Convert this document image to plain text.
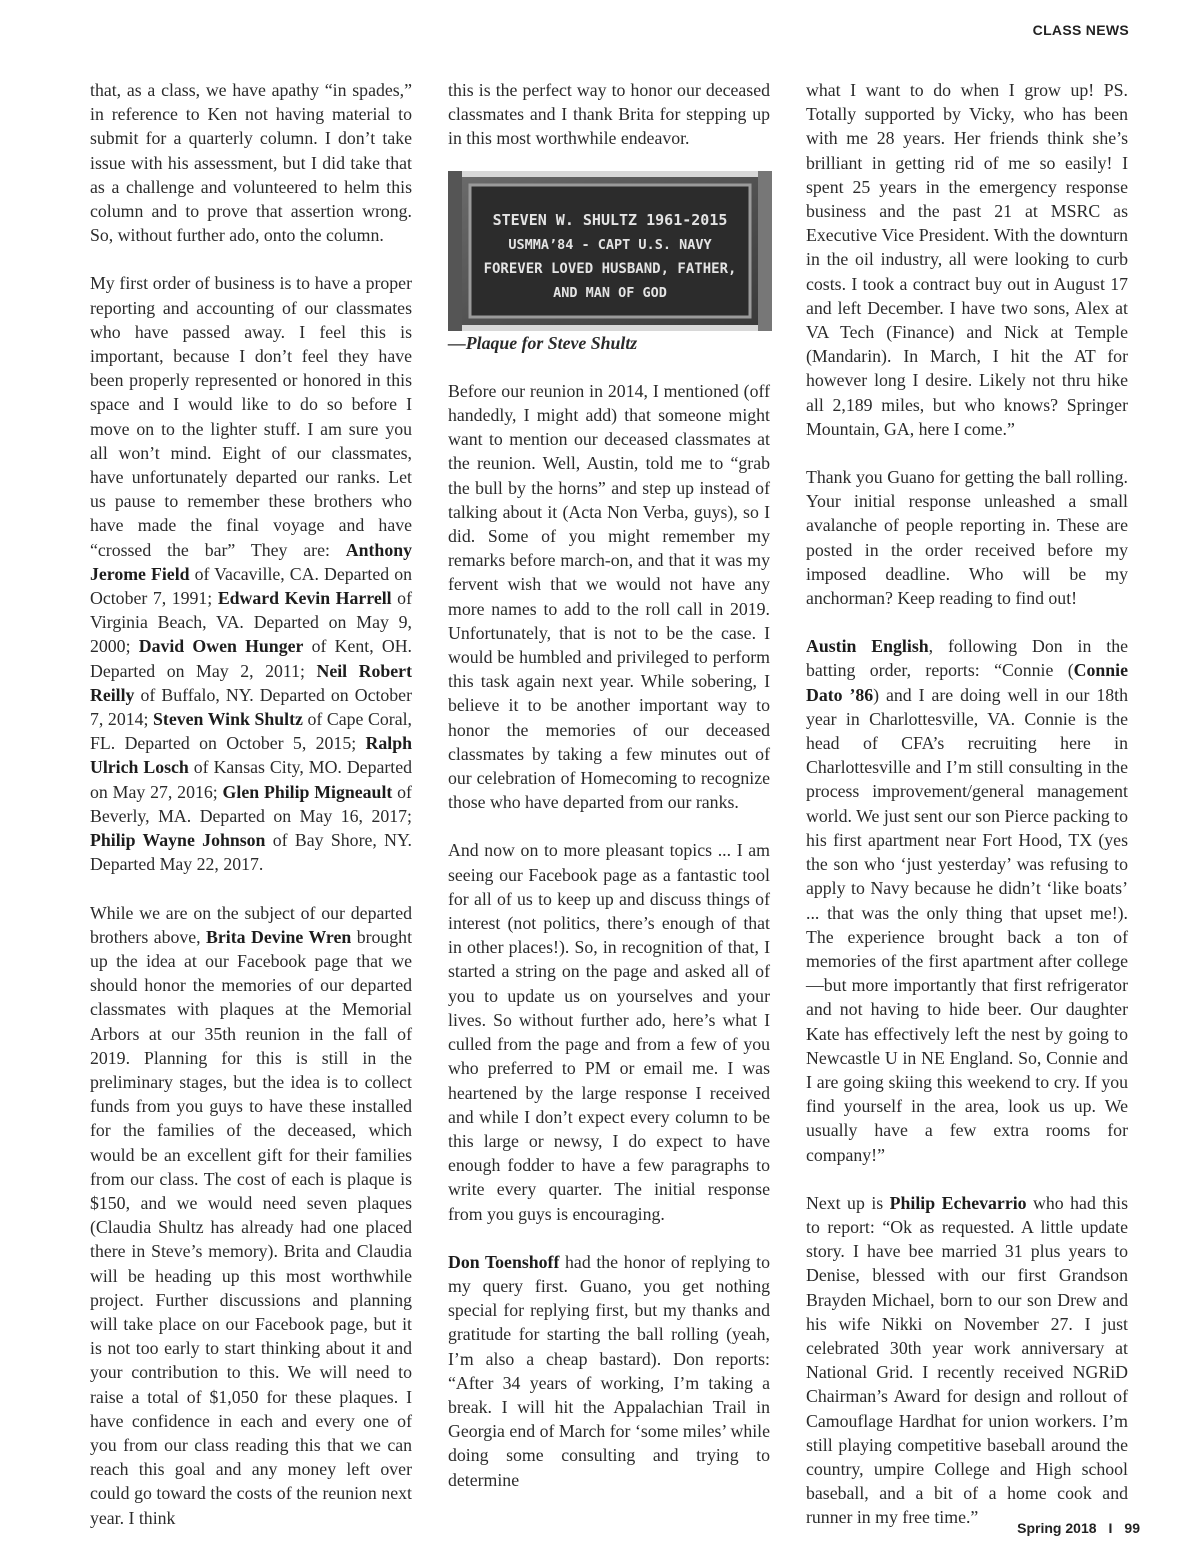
CLASS NEWS

that, as a class, we have apathy “in spades,” in reference to Ken not having material to submit for a quarterly column. I don’t take issue with his assessment, but I did take that as a challenge and volunteered to helm this column and to prove that assertion wrong. So, without further ado, onto the column.

My first order of business is to have a proper reporting and accounting of our classmates who have passed away. I feel this is important, because I don’t feel they have been properly represented or honored in this space and I would like to do so before I move on to the lighter stuff. I am sure you all won’t mind. Eight of our classmates, have unfortunately departed our ranks. Let us pause to remember these brothers who have made the final voyage and have “crossed the bar” They are: Anthony Jerome Field of Vacaville, CA. Departed on October 7, 1991; Edward Kevin Harrell of Virginia Beach, VA. Departed on May 9, 2000; David Owen Hunger of Kent, OH. Departed on May 2, 2011; Neil Robert Reilly of Buffalo, NY. Departed on October 7, 2014; Steven Wink Shultz of Cape Coral, FL. Departed on October 5, 2015; Ralph Ulrich Losch of Kansas City, MO. Departed on May 27, 2016; Glen Philip Migneault of Beverly, MA. Departed on May 16, 2017; Philip Wayne Johnson of Bay Shore, NY. Departed May 22, 2017.

While we are on the subject of our departed brothers above, Brita Devine Wren brought up the idea at our Facebook page that we should honor the memories of our departed classmates with plaques at the Memorial Arbors at our 35th reunion in the fall of 2019. Planning for this is still in the preliminary stages, but the idea is to collect funds from you guys to have these installed for the families of the deceased, which would be an excellent gift for their families from our class. The cost of each is plaque is $150, and we would need seven plaques (Claudia Shultz has already had one placed there in Steve’s memory). Brita and Claudia will be heading up this most worthwhile project. Further discussions and planning will take place on our Facebook page, but it is not too early to start thinking about it and your contribution to this. We will need to raise a total of $1,050 for these plaques. I have confidence in each and every one of you from our class reading this that we can reach this goal and any money left over could go toward the costs of the reunion next year. I think

this is the perfect way to honor our deceased classmates and I thank Brita for stepping up in this most worthwhile endeavor.

STEVEN W. SHULTZ 1961-2015
USMMA’84 - CAPT U.S. NAVY
FOREVER LOVED HUSBAND, FATHER,
AND MAN OF GOD

—Plaque for Steve Shultz

Before our reunion in 2014, I mentioned (off handedly, I might add) that someone might want to mention our deceased classmates at the reunion. Well, Austin, told me to “grab the bull by the horns” and step up instead of talking about it (Acta Non Verba, guys), so I did. Some of you might remember my remarks before march-on, and that it was my fervent wish that we would not have any more names to add to the roll call in 2019. Unfortunately, that is not to be the case. I would be humbled and privileged to perform this task again next year. While sobering, I believe it to be another important way to honor the memories of our deceased classmates by taking a few minutes out of our celebration of Homecoming to recognize those who have departed from our ranks.

And now on to more pleasant topics ... I am seeing our Facebook page as a fantastic tool for all of us to keep up and discuss things of interest (not politics, there’s enough of that in other places!). So, in recognition of that, I started a string on the page and asked all of you to update us on yourselves and your lives. So without further ado, here’s what I culled from the page and from a few of you who preferred to PM or email me. I was heartened by the large response I received and while I don’t expect every column to be this large or newsy, I do expect to have enough fodder to have a few paragraphs to write every quarter. The initial response from you guys is encouraging.

Don Toenshoff had the honor of replying to my query first. Guano, you get nothing special for replying first, but my thanks and gratitude for starting the ball rolling (yeah, I’m also a cheap bastard). Don reports: “After 34 years of working, I’m taking a break. I will hit the Appalachian Trail in Georgia end of March for ‘some miles’ while doing some consulting and trying to determine

what I want to do when I grow up! PS. Totally supported by Vicky, who has been with me 28 years. Her friends think she’s brilliant in getting rid of me so easily! I spent 25 years in the emergency response business and the past 21 at MSRC as Executive Vice President. With the downturn in the oil industry, all were looking to curb costs. I took a contract buy out in August 17 and left December. I have two sons, Alex at VA Tech (Finance) and Nick at Temple (Mandarin). In March, I hit the AT for however long I desire. Likely not thru hike all 2,189 miles, but who knows? Springer Mountain, GA, here I come.”

Thank you Guano for getting the ball rolling. Your initial response unleashed a small avalanche of people reporting in. These are posted in the order received before my imposed deadline. Who will be my anchorman? Keep reading to find out!

Austin English, following Don in the batting order, reports: “Connie (Connie Dato ’86) and I are doing well in our 18th year in Charlottesville, VA. Connie is the head of CFA’s recruiting here in Charlottesville and I’m still consulting in the process improvement/general management world. We just sent our son Pierce packing to his first apartment near Fort Hood, TX (yes the son who ‘just yesterday’ was refusing to apply to Navy because he didn’t ‘like boats’ ... that was the only thing that upset me!). The experience brought back a ton of memories of the first apartment after college—but more importantly that first refrigerator and not having to hide beer. Our daughter Kate has effectively left the nest by going to Newcastle U in NE England. So, Connie and I are going skiing this weekend to cry. If you find yourself in the area, look us up. We usually have a few extra rooms for company!”

Next up is Philip Echevarrio who had this to report: “Ok as requested. A little update story. I have bee married 31 plus years to Denise, blessed with our first Grandson Brayden Michael, born to our son Drew and his wife Nikki on November 27. I just celebrated 30th year work anniversary at National Grid. I recently received NGRiD Chairman’s Award for design and rollout of Camouflage Hardhat for union workers. I’m still playing competitive baseball around the country, umpire College and High school baseball, and a bit of a home cook and runner in my free time.”

Spring 2018 I 99
